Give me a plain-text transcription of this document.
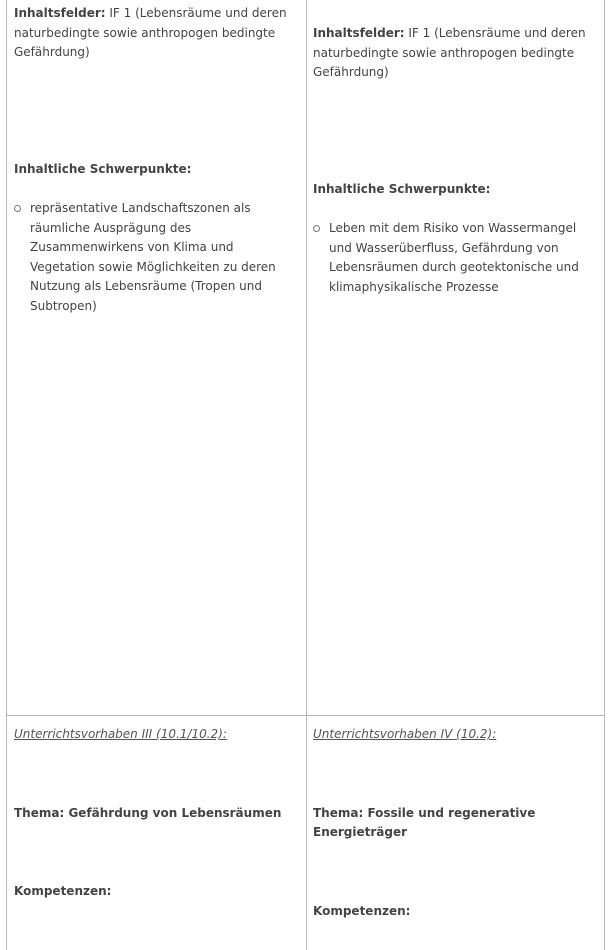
Inhaltsfelder: IF 1 (Lebensräume und deren naturbedingte sowie anthropogen bedingte Gefährdung)
Inhaltliche Schwerpunkte:
repräsentative Landschaftszonen als räumliche Ausprägung des Zusammenwirkens von Klima und Vegetation sowie Möglichkeiten zu deren Nutzung als Lebensräume (Tropen und Subtropen)
Inhaltsfelder: IF 1 (Lebensräume und deren naturbedingte sowie anthropogen bedingte Gefährdung)
Inhaltliche Schwerpunkte:
Leben mit dem Risiko von Wassermangel und Wasserüberfluss, Gefährdung von Lebensräumen durch geotektonische und klimaphysikalische Prozesse
Unterrichtsvorhaben III (10.1/10.2):
Thema: Gefährdung von Lebensräumen
Kompetenzen:
Unterrichtsvorhaben IV (10.2):
Thema: Fossile und regenerative Energieträger
Kompetenzen:
